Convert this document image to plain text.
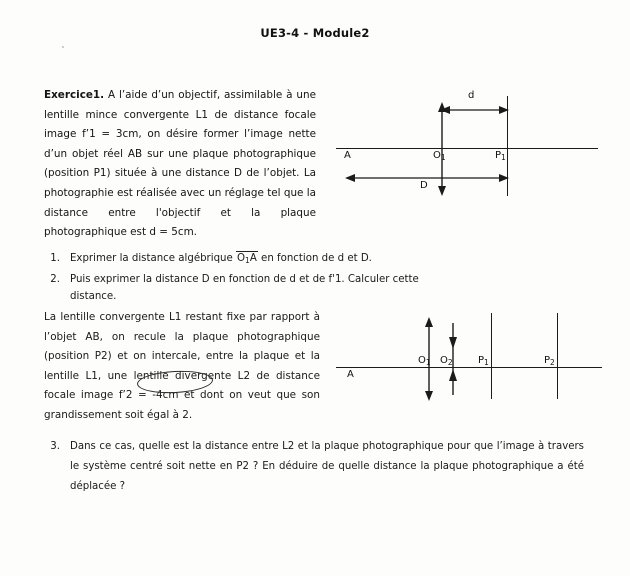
UE3-4 - Module2
Exercice1. A l’aide d’un objectif, assimilable à une lentille mince convergente L1 de distance focale image f’1 = 3cm, on désire former l’image nette d’un objet réel AB sur une plaque photographique (position P1) située à une distance D de l’objet. La photographie est réalisée avec un réglage tel que la distance entre l'objectif et la plaque photographique est d = 5cm.
1. Exprimer la distance algébrique $O_1A$ en fonction de d et D.
2. Puis exprimer la distance D en fonction de d et de f'1. Calculer cette distance.
La lentille convergente L1 restant fixe par rapport à l’objet AB, on recule la plaque photographique (position P2) et on intercale, entre la plaque et la lentille L1, une lentille divergente L2 de distance focale image f’2 = -4cm et dont on veut que son grandissement soit égal à 2.
3. Dans ce cas, quelle est la distance entre L2 et la plaque photographique pour que l’image à travers le système centré soit nette en P2 ? En déduire de quelle distance la plaque photographique a été déplacée ?
A	$O_1$	$P_1$
d
D
A
$O_1$ $O_2$	$P_1$	$P_2$
